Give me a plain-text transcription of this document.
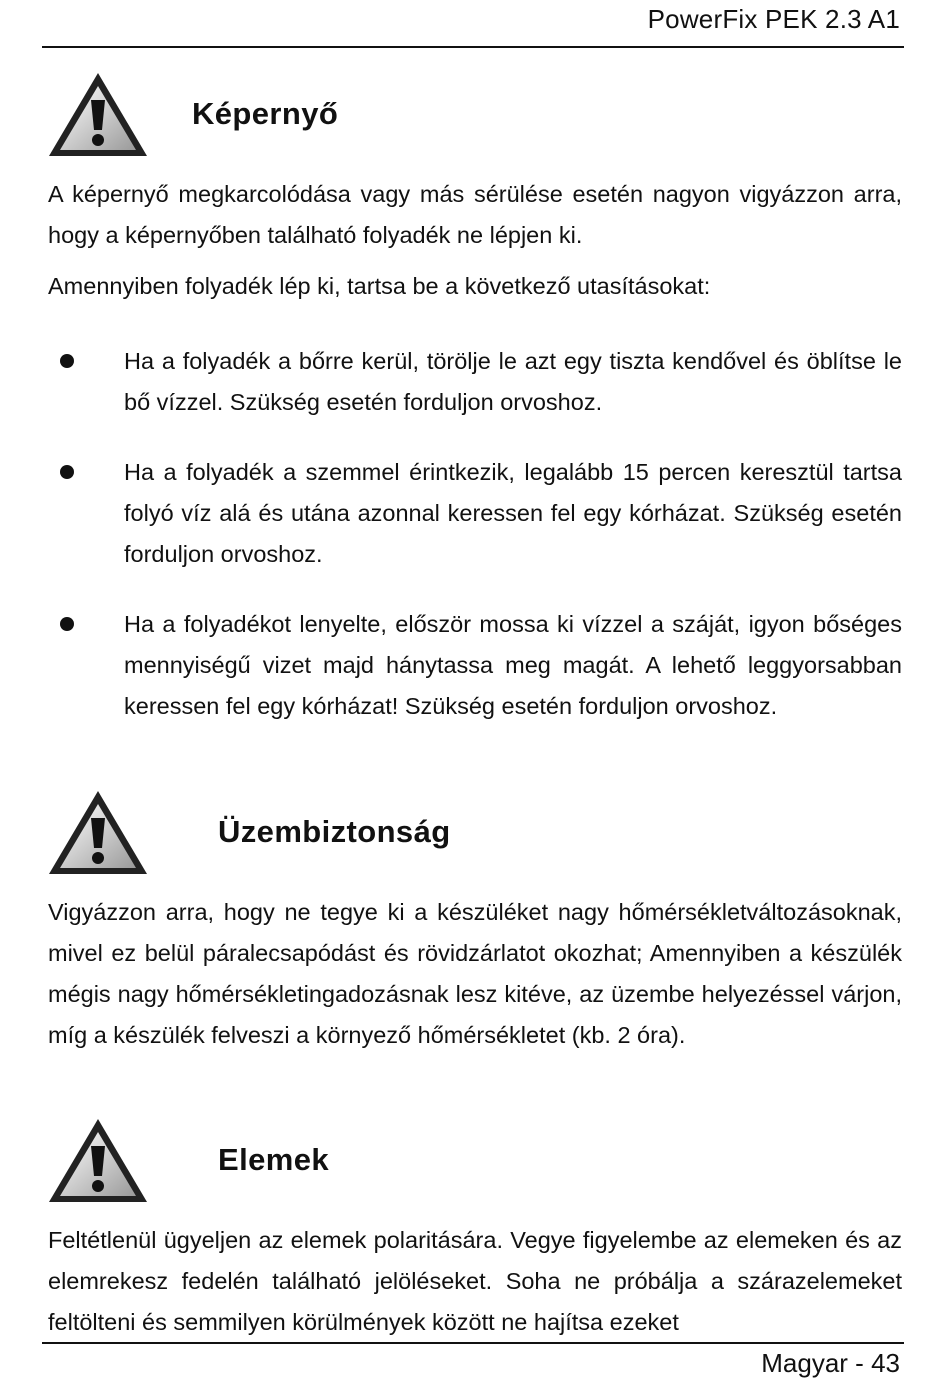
PowerFix PEK 2.3 A1
Képernyő

A képernyő megkarcolódása vagy más sérülése esetén nagyon vigyázzon arra, hogy a képernyőben található folyadék ne lépjen ki.

Amennyiben folyadék lép ki, tartsa be a következő utasításokat:

Ha a folyadék a bőrre kerül, törölje le azt egy tiszta kendővel és öblítse le bő vízzel. Szükség esetén forduljon orvoshoz.
Ha a folyadék a szemmel érintkezik, legalább 15 percen keresztül tartsa folyó víz alá és utána azonnal keressen fel egy kórházat. Szükség esetén forduljon orvoshoz.
Ha a folyadékot lenyelte, először mossa ki vízzel a száját, igyon bőséges mennyiségű vizet majd hánytassa meg magát. A lehető leggyorsabban keressen fel egy kórházat! Szükség esetén forduljon orvoshoz.
Üzembiztonság

Vigyázzon arra, hogy ne tegye ki a készüléket nagy hőmérsékletváltozásoknak, mivel ez belül páralecsapódást és rövidzárlatot okozhat; Amennyiben a készülék mégis nagy hőmérsékletingadozásnak lesz kitéve, az üzembe helyezéssel várjon, míg a készülék felveszi a környező hőmérsékletet (kb. 2 óra).

Elemek

Feltétlenül ügyeljen az elemek polaritására. Vegye figyelembe az elemeken és az elemrekesz fedelén található jelöléseket. Soha ne próbálja a szárazelemeket feltölteni és semmilyen körülmények között ne hajítsa ezeket

Magyar - 43
